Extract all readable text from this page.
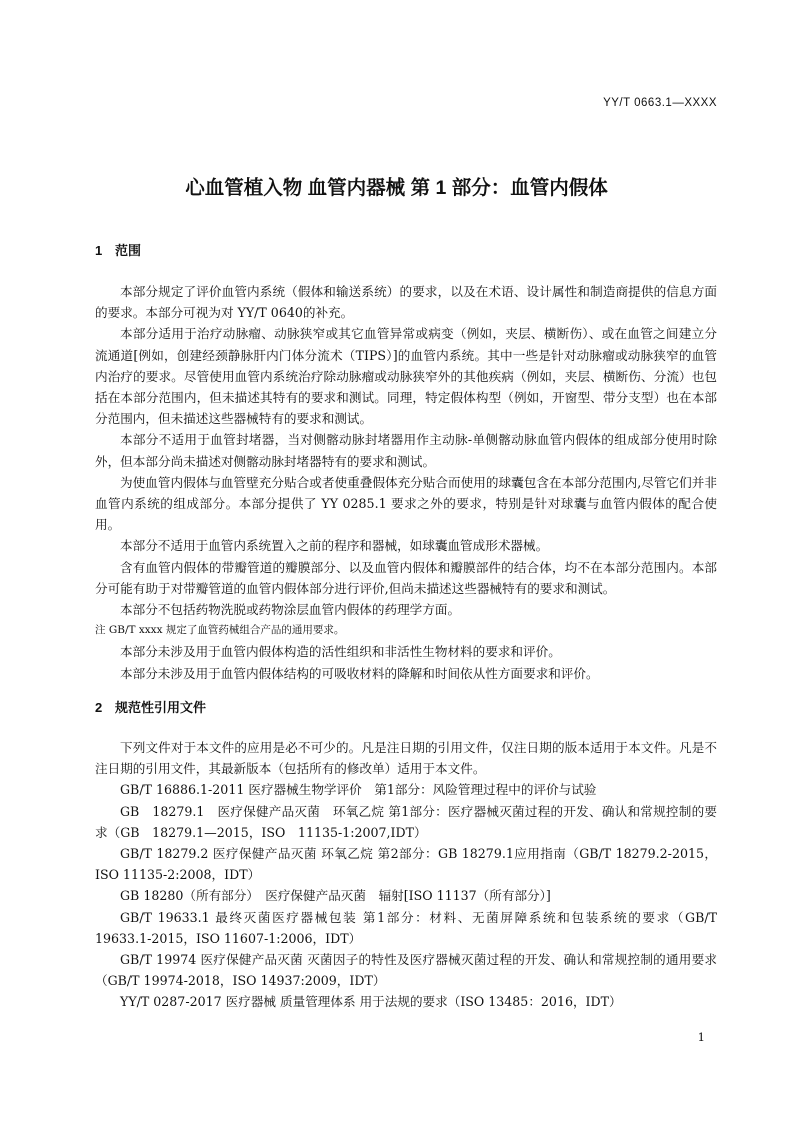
YY/T 0663.1—XXXX
心血管植入物 血管内器械 第 1 部分：血管内假体
1 范围

本部分规定了评价血管内系统（假体和输送系统）的要求，以及在术语、设计属性和制造商提供的信息方面的要求。本部分可视为对 YY/T 0640的补充。

本部分适用于治疗动脉瘤、动脉狭窄或其它血管异常或病变（例如，夹层、横断伤）、或在血管之间建立分流通道[例如，创建经颈静脉肝内门体分流术（TIPS）]的血管内系统。其中一些是针对动脉瘤或动脉狭窄的血管内治疗的要求。尽管使用血管内系统治疗除动脉瘤或动脉狭窄外的其他疾病（例如，夹层、横断伤、分流）也包括在本部分范围内，但未描述其特有的要求和测试。同理，特定假体构型（例如，开窗型、带分支型）也在本部分范围内，但未描述这些器械特有的要求和测试。

本部分不适用于血管封堵器，当对侧髂动脉封堵器用作主动脉-单侧髂动脉血管内假体的组成部分使用时除外，但本部分尚未描述对侧髂动脉封堵器特有的要求和测试。

为使血管内假体与血管壁充分贴合或者使重叠假体充分贴合而使用的球囊包含在本部分范围内,尽管它们并非血管内系统的组成部分。本部分提供了 YY 0285.1 要求之外的要求，特别是针对球囊与血管内假体的配合使用。

本部分不适用于血管内系统置入之前的程序和器械，如球囊血管成形术器械。

含有血管内假体的带瓣管道的瓣膜部分、以及血管内假体和瓣膜部件的结合体，均不在本部分范围内。本部分可能有助于对带瓣管道的血管内假体部分进行评价,但尚未描述这些器械特有的要求和测试。

本部分不包括药物洗脱或药物涂层血管内假体的药理学方面。

注 GB/T xxxx 规定了血管药械组合产品的通用要求。

本部分未涉及用于血管内假体构造的活性组织和非活性生物材料的要求和评价。

本部分未涉及用于血管内假体结构的可吸收材料的降解和时间依从性方面要求和评价。

2 规范性引用文件

下列文件对于本文件的应用是必不可少的。凡是注日期的引用文件，仅注日期的版本适用于本文件。凡是不注日期的引用文件，其最新版本（包括所有的修改单）适用于本文件。

GB/T 16886.1-2011 医疗器械生物学评价　第1部分：风险管理过程中的评价与试验

GB　18279.1　医疗保健产品灭菌　环氧乙烷 第1部分：医疗器械灭菌过程的开发、确认和常规控制的要求（GB　18279.1—2015，ISO　11135-1:2007,IDT）

GB/T 18279.2 医疗保健产品灭菌 环氧乙烷 第2部分：GB 18279.1应用指南（GB/T 18279.2-2015，ISO 11135-2:2008，IDT）

GB 18280（所有部分）　医疗保健产品灭菌　辐射[ISO 11137（所有部分）]

GB/T 19633.1 最终灭菌医疗器械包装 第1部分：材料、无菌屏障系统和包装系统的要求（GB/T 19633.1-2015，ISO 11607-1:2006，IDT）

GB/T 19974 医疗保健产品灭菌 灭菌因子的特性及医疗器械灭菌过程的开发、确认和常规控制的通用要求（GB/T 19974-2018，ISO 14937:2009，IDT）

YY/T 0287-2017 医疗器械 质量管理体系 用于法规的要求（ISO 13485：2016，IDT）

1
